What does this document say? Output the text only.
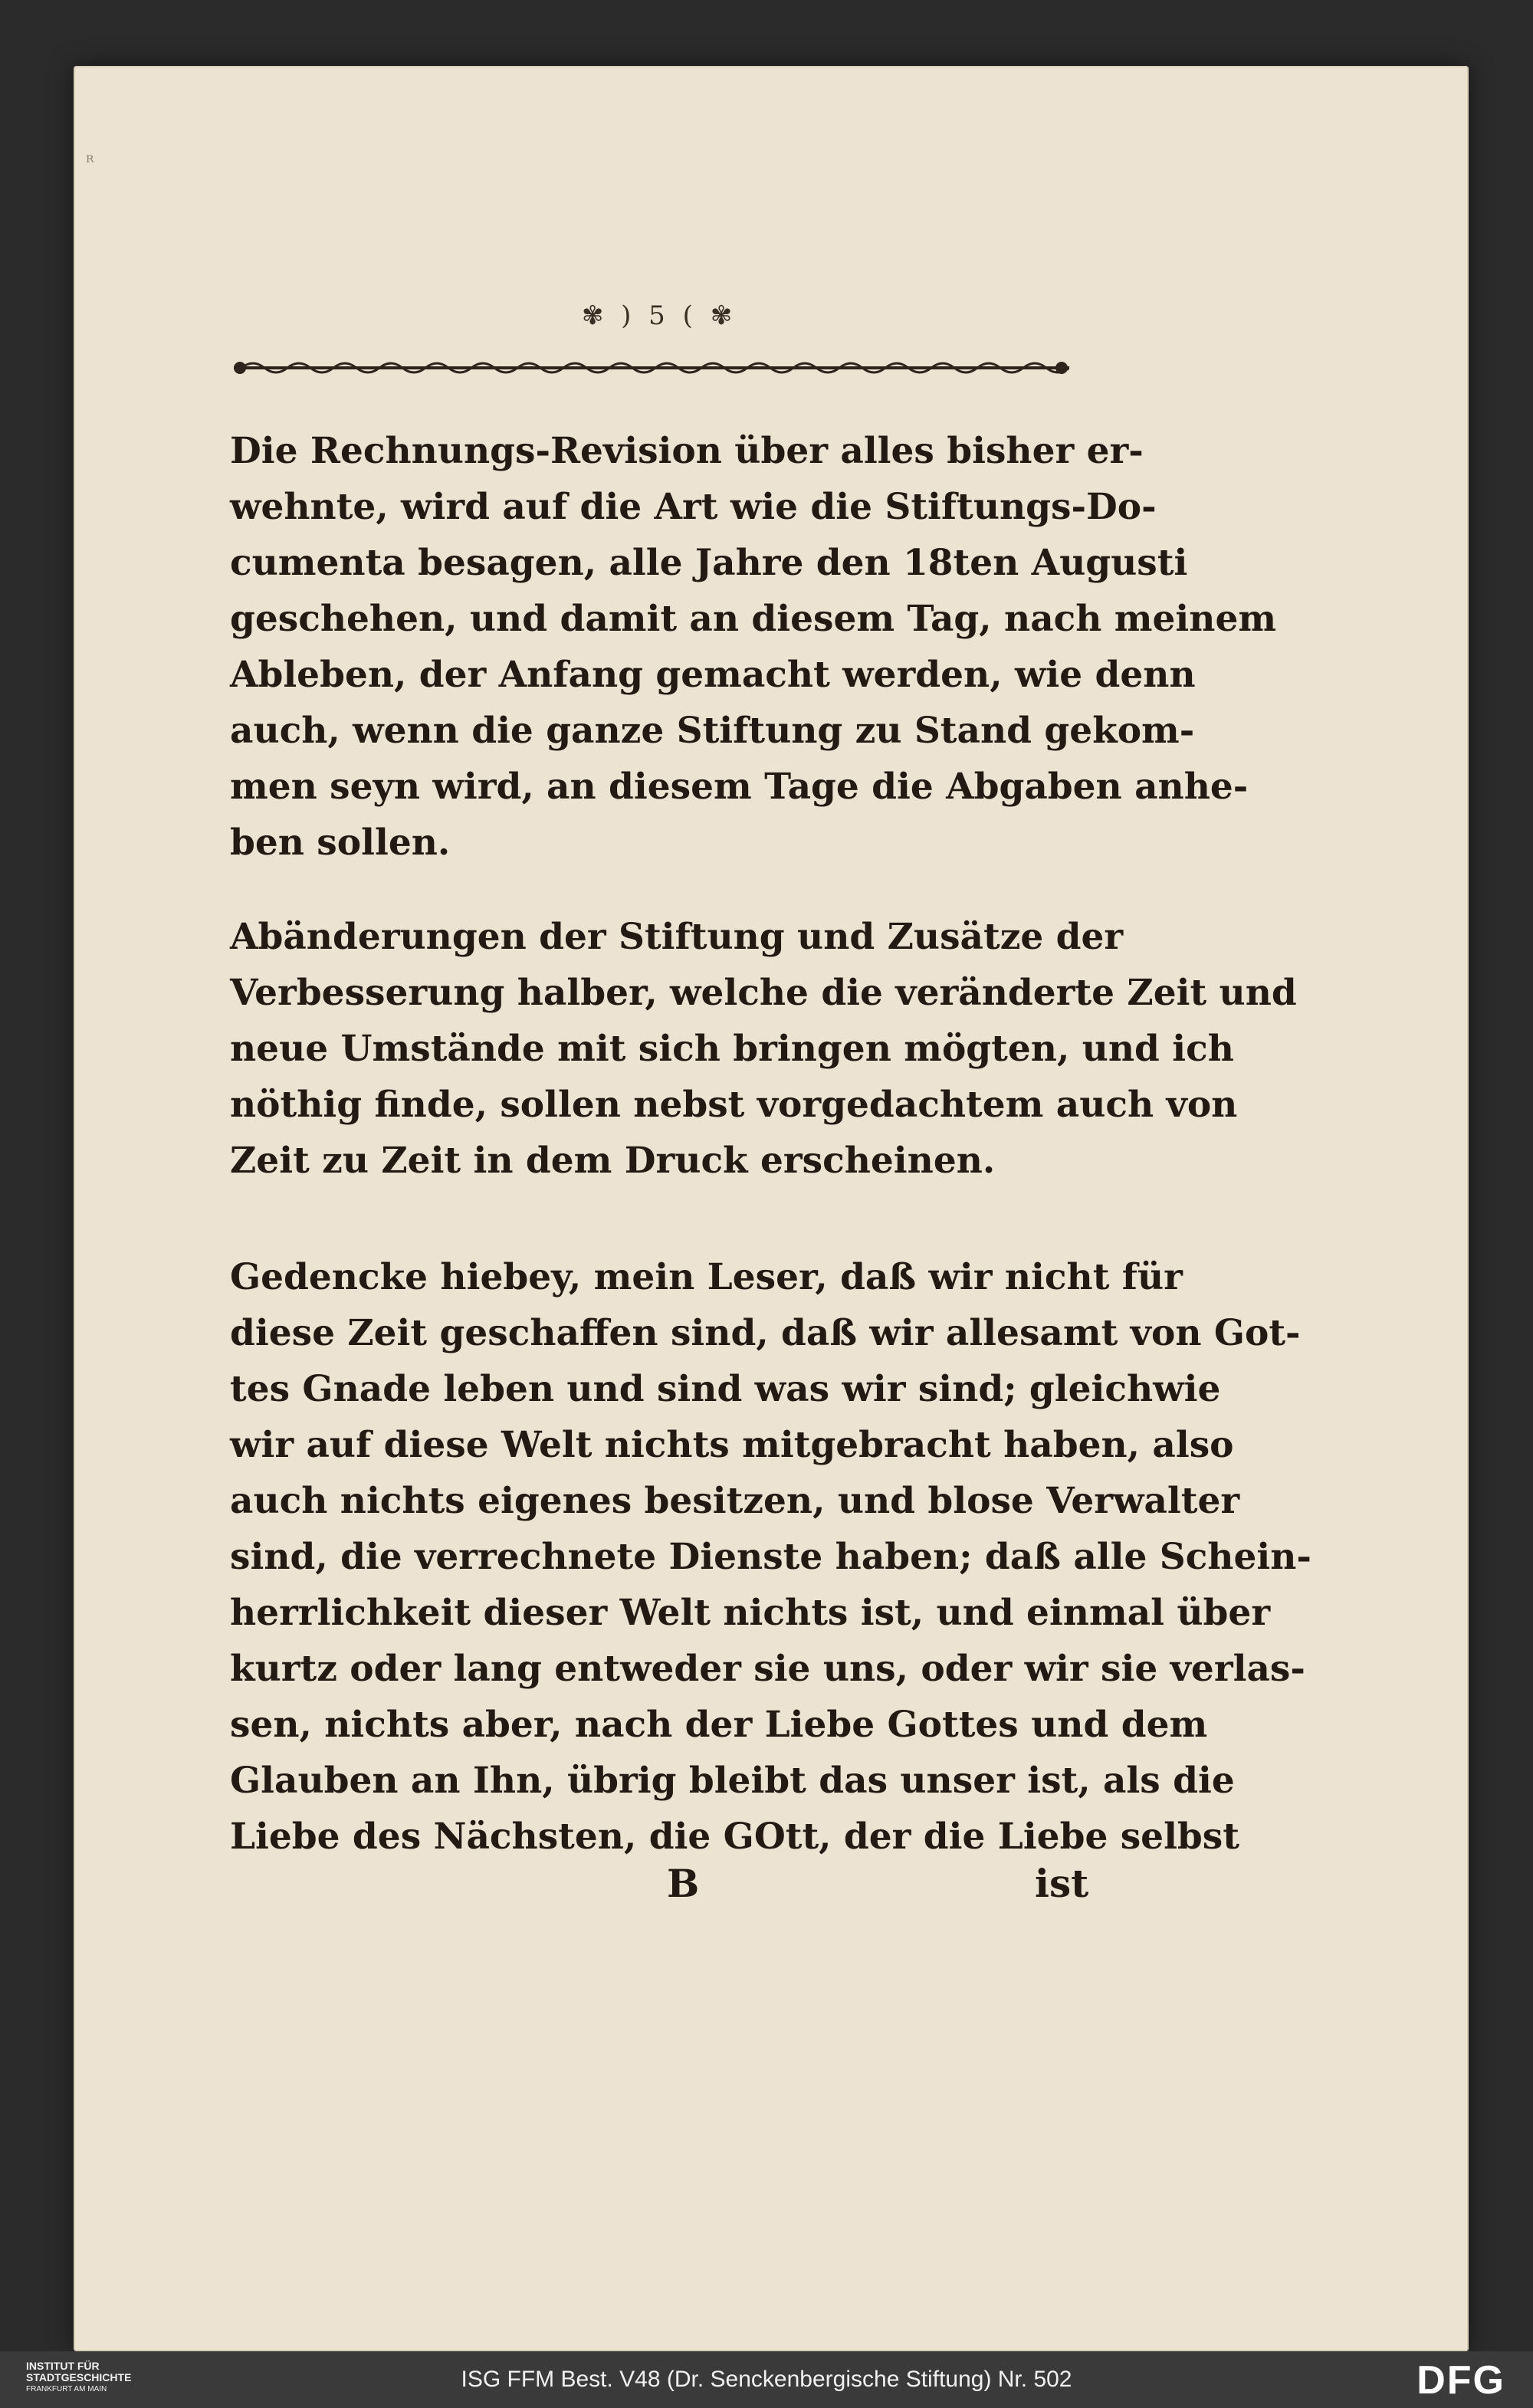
ᴿ
✾ ) 5 ( ✾
Die Rechnungs-Revision über alles bisher er-
wehnte, wird auf die Art wie die Stiftungs-Do-
cumenta besagen, alle Jahre den 18ten Augusti
geschehen, und damit an diesem Tag, nach meinem
Ableben, der Anfang gemacht werden, wie denn
auch, wenn die ganze Stiftung zu Stand gekom-
men seyn wird, an diesem Tage die Abgaben anhe-
ben sollen.
Abänderungen der Stiftung und Zusätze der
Verbesserung halber, welche die veränderte Zeit und
neue Umstände mit sich bringen mögten, und ich
nöthig finde, sollen nebst vorgedachtem auch von
Zeit zu Zeit in dem Druck erscheinen.
Gedencke hiebey, mein Leser, daß wir nicht für
diese Zeit geschaffen sind, daß wir allesamt von Got-
tes Gnade leben und sind was wir sind; gleichwie
wir auf diese Welt nichts mitgebracht haben, also
auch nichts eigenes besitzen, und blose Verwalter
sind, die verrechnete Dienste haben; daß alle Schein-
herrlichkeit dieser Welt nichts ist, und einmal über
kurtz oder lang entweder sie uns, oder wir sie verlas-
sen, nichts aber, nach der Liebe Gottes und dem
Glauben an Ihn, übrig bleibt das unser ist, als die
Liebe des Nächsten, die GOtt, der die Liebe selbst
B	ist
INSTITUT FÜR
STADTGESCHICHTE
FRANKFURT AM MAIN	ISG FFM Best. V48 (Dr. Senckenbergische Stiftung) Nr. 502	DFG
